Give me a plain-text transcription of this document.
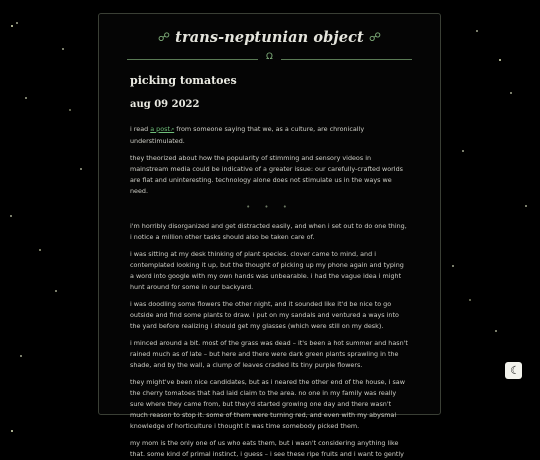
☍ trans-neptunian object ☍
Ω
picking tomatoes
aug 09 2022

i read a post↗ from someone saying that we, as a culture, are chronically understimulated.

they theorized about how the popularity of stimming and sensory videos in mainstream media could be indicative of a greater issue: our carefully-crafted worlds are flat and uninteresting. technology alone does not stimulate us in the ways we need.

• • •

i'm horribly disorganized and get distracted easily, and when i set out to do one thing, i notice a million other tasks should also be taken care of.

i was sitting at my desk thinking of plant species. clover came to mind, and i contemplated looking it up, but the thought of picking up my phone again and typing a word into google with my own hands was unbearable. i had the vague idea i might hunt around for some in our backyard.

i was doodling some flowers the other night, and it sounded like it'd be nice to go outside and find some plants to draw. i put on my sandals and ventured a ways into the yard before realizing i should get my glasses (which were still on my desk).

i minced around a bit. most of the grass was dead – it's been a hot summer and hasn't rained much as of late – but here and there were dark green plants sprawling in the shade, and by the wall, a clump of leaves cradled its tiny purple flowers.

they might've been nice candidates, but as i neared the other end of the house, i saw the cherry tomatoes that had laid claim to the area. no one in my family was really sure where they came from, but they'd started growing one day and there wasn't much reason to stop it. some of them were turning red, and even with my abysmal knowledge of horticulture i thought it was time somebody picked them.

my mom is the only one of us who eats them, but i wasn't considering anything like that. some kind of primal instinct, i guess – i see these ripe fruits and i want to gently

☾
